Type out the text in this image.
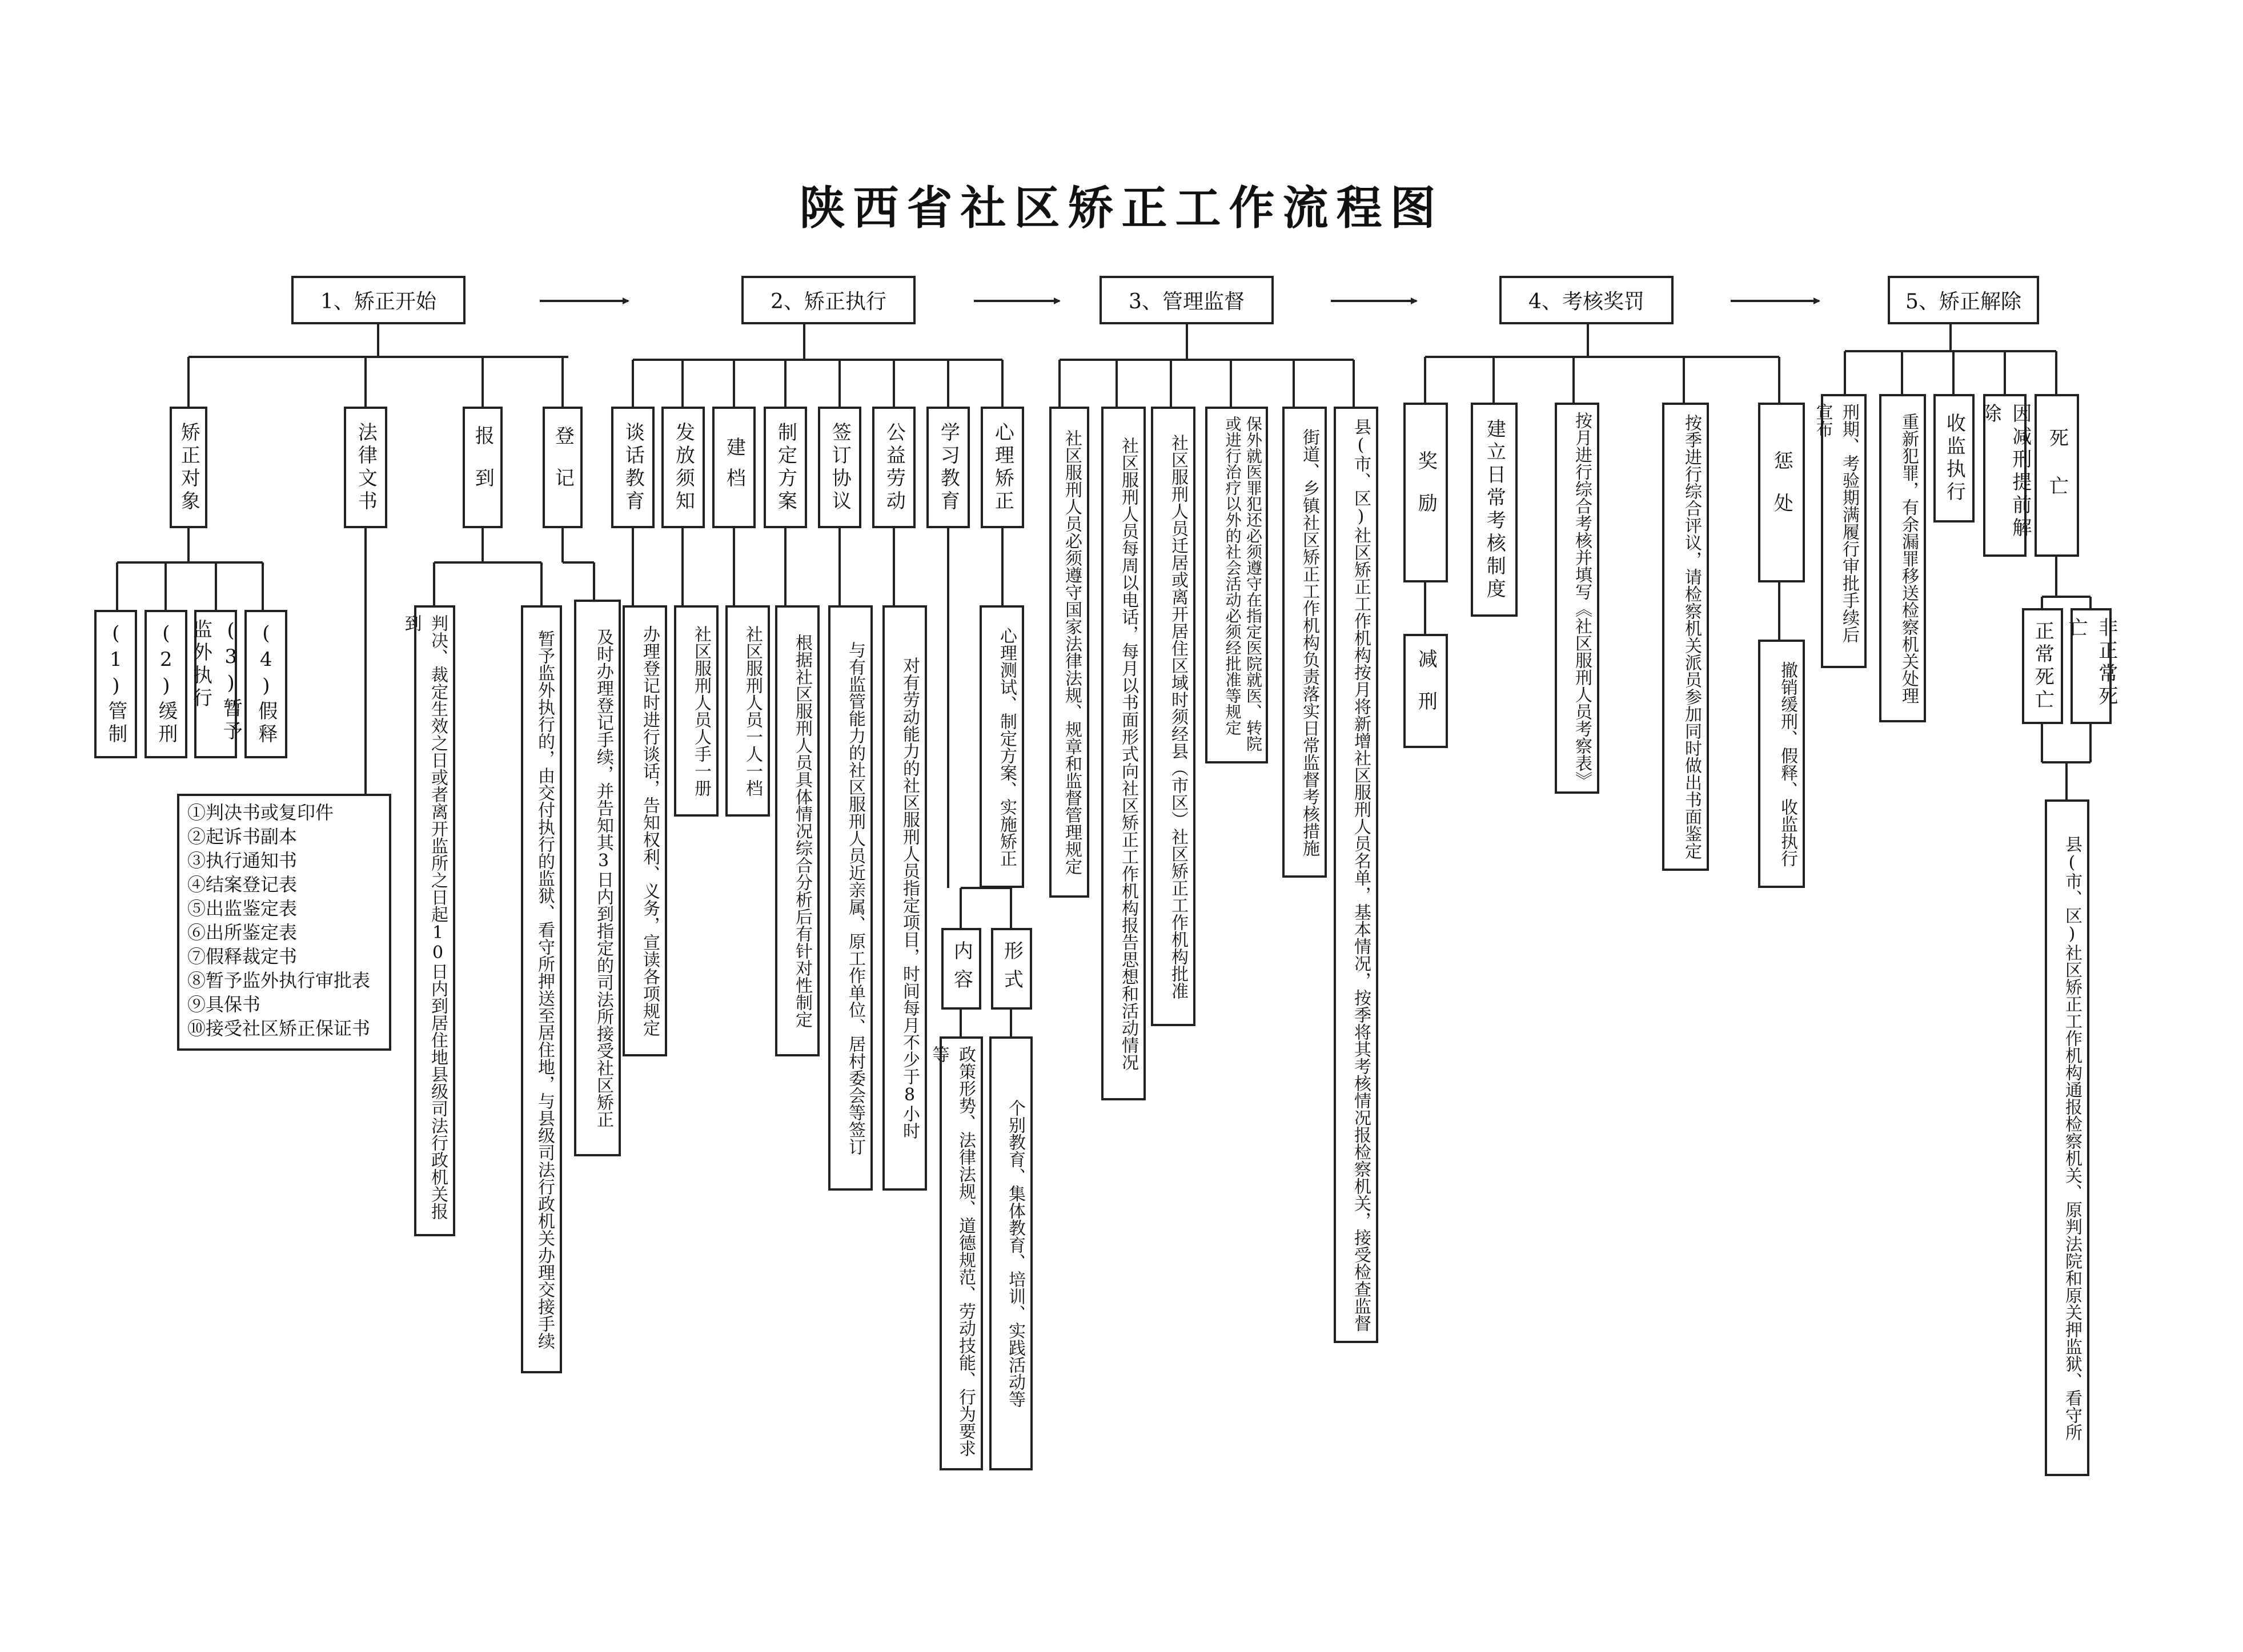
陕西省社区矫正工作流程图
1、矫正开始	2、矫正执行	3、管理监督	4、考核奖罚	5、矫正解除
矫正对象	法律文书	报到	登记
(1)管制	(2)缓刑	(3)暂予监外执行	(4)假释
①判决书或复印件
②起诉书副本
③执行通知书
④结案登记表
⑤出监鉴定表
⑥出所鉴定表
⑦假释裁定书
⑧暂予监外执行审批表
⑨具保书
⑩接受社区矫正保证书	判决、裁定生效之日或者离开监所之日起10日内到居住地县级司法行政机关报到
暂予监外执行的，由交付执行的监狱、看守所押送至居住地，与县级司法行政机关办理交接手续	及时办理登记手续，并告知其3日内到指定的司法所接受社区矫正
谈话教育	发放须知	建档	制定方案	签订协议	公益劳动	学习教育	心理矫正
办理登记时进行谈话，告知权利、义务，宣读各项规定	社区服刑人员人手一册	社区服刑人员一人一档	根据社区服刑人员具体情况综合分析后有针对性制定	与有监管能力的社区服刑人员近亲属、原工作单位、居村委会等签订	对有劳动能力的社区服刑人员指定项目，时间每月不少于8小时	心理测试、制定方案、实施矫正
内容	形式
政策形势、法律法规、道德规范、劳动技能、行为要求等
个别教育、集体教育、培训、实践活动等
社区服刑人员必须遵守国家法律法规、规章和监督管理规定	社区服刑人员每周以电话，每月以书面形式向社区矫正工作机构报告思想和活动情况	社区服刑人员迁居或离开居住区域时须经县（市区）社区矫正工作机构批准	保外就医罪犯还必须遵守在指定医院就医、转院或进行治疗以外的社会活动必须经批准等规定	街道、乡镇社区矫正工作机构负责落实日常监督考核措施	县(市、区)社区矫正工作机构按月将新增社区服刑人员名单，基本情况，按季将其考核情况报检察机关，接受检查监督	奖励
减刑
建立日常考核制度	按月进行综合考核并填写《社区服刑人员考察表》	按季进行综合评议，请检察机关派员参加同时做出书面鉴定	惩处
撤销缓刑、假释、收监执行
刑期、考验期满履行审批手续后宣布	重新犯罪，有余漏罪移送检察机关处理	收监执行	因减刑提前解除
死亡
正常死亡	非正常死亡
县(市、区)社区矫正工作机构通报检察机关、原判法院和原关押监狱、看守所
